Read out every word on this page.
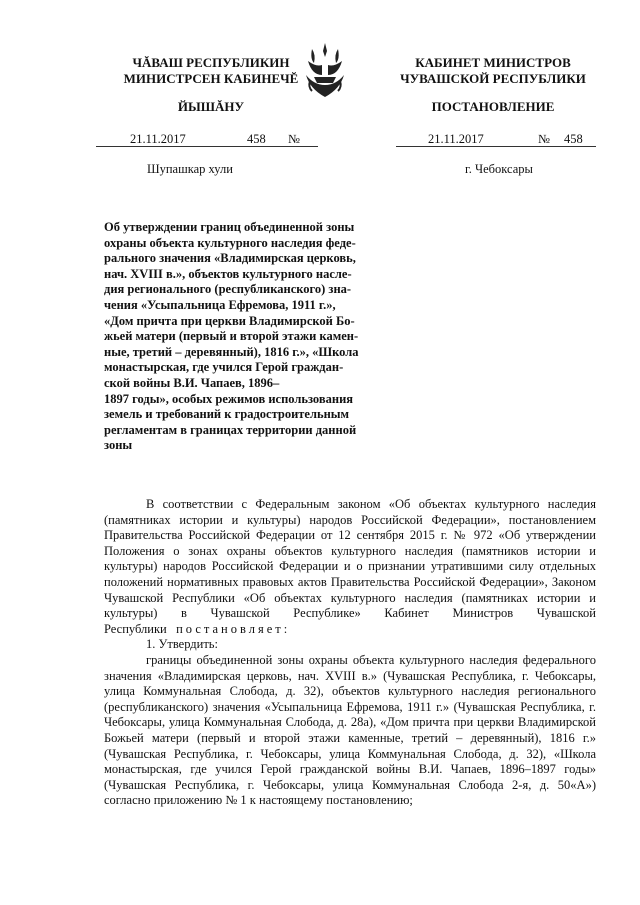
ЧĂВАШ РЕСПУБЛИКИН
МИНИСТРСЕН КАБИНЕЧĔ
ЙЫШĂНУ
КАБИНЕТ МИНИСТРОВ
ЧУВАШСКОЙ РЕСПУБЛИКИ
ПОСТАНОВЛЕНИЕ
21.11.2017	458 №	21.11.2017	№ 458
Шупашкар хули	г. Чебоксары
Об утверждении границ объединенной зоны
охраны объекта культурного наследия феде-
рального значения «Владимирская церковь,
нач. XVIII в.», объектов культурного насле-
дия регионального (республиканского) зна-
чения «Усыпальница Ефремова, 1911 г.»,
«Дом причта при церкви Владимирской Бо-
жьей матери (первый и второй этажи камен-
ные, третий – деревянный), 1816 г.», «Школа
монастырская, где учился Герой граждан-
ской войны В.И. Чапаев, 1896–
1897 годы», особых режимов использования
земель и требований к градостроительным
регламентам в границах территории данной
зоны

В соответствии с Федеральным законом «Об объектах культурного наследия (памятниках истории и культуры) народов Российской Федерации», постановлением Правительства Российской Федерации от 12 сентября 2015 г. № 972 «Об утверждении Положения о зонах охраны объектов культурного наследия (памятников истории и культуры) народов Российской Федерации и о признании утратившими силу отдельных положений нормативных правовых актов Правительства Российской Федерации», Законом Чувашской Республики «Об объектах культурного наследия (памятниках истории и культуры) в Чувашской Республике» Кабинет Министров Чувашской Республики постановляет:

1. Утвердить:

границы объединенной зоны охраны объекта культурного наследия федерального значения «Владимирская церковь, нач. XVIII в.» (Чувашская Республика, г. Чебоксары, улица Коммунальная Слобода, д. 32), объектов культурного наследия регионального (республиканского) значения «Усыпальница Ефремова, 1911 г.» (Чувашская Республика, г. Чебоксары, улица Коммунальная Слобода, д. 28а), «Дом причта при церкви Владимирской Божьей матери (первый и второй этажи каменные, третий – деревянный), 1816 г.» (Чувашская Республика, г. Чебоксары, улица Коммунальная Слобода, д. 32), «Школа монастырская, где учился Герой гражданской войны В.И. Чапаев, 1896–1897 годы» (Чувашская Республика, г. Чебоксары, улица Коммунальная Слобода 2-я, д. 50«А») согласно приложению № 1 к настоящему постановлению;
